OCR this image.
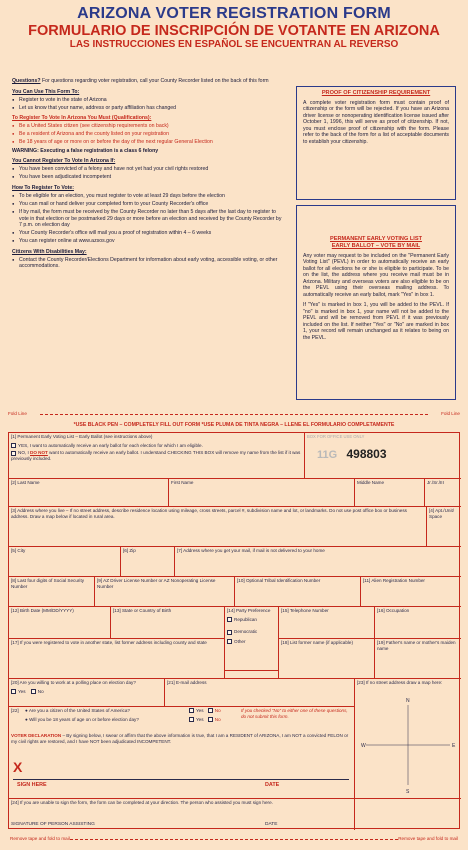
ARIZONA VOTER REGISTRATION FORM
FORMULARIO DE INSCRIPCIÓN DE VOTANTE EN ARIZONA
LAS INSTRUCCIONES EN ESPAÑOL SE ENCUENTRAN AL REVERSO

Questions? For questions regarding voter registration, call your County Recorder listed on the back of this form

You Can Use This Form To:

● Register to vote in the state of Arizona

● Let us know that your name, address or party affiliation has changed

To Register To Vote In Arizona You Must (Qualifications):

● Be a United States citizen (see citizenship requirements on back)

● Be a resident of Arizona and the county listed on your registration

● Be 18 years of age or more on or before the day of the next regular General Election

WARNING: Executing a false registration is a class 6 felony

You Cannot Register To Vote In Arizona If:

● You have been convicted of a felony and have not yet had your civil rights restored

● You have been adjudicated incompetent

How To Register To Vote:

● To be eligible for an election, you must register to vote at least 29 days before the election

● You can mail or hand deliver your completed form to your County Recorder's office

● If by mail, the form must be received by the County Recorder no later than 5 days after the last day to register to vote in that election or be postmarked 29 days or more before an election and received by the County Recorder by 7 p.m. on election day

● Your County Recorder's office will mail you a proof of registration within 4 – 6 weeks

● You can register online at www.azsos.gov

Citizens With Disabilities May:

● Contact the County Recorder/Elections Department for information about early voting, accessible voting, or other accommodations.

PROOF OF CITIZENSHIP REQUIREMENT
A complete voter registration form must contain proof of citizenship or the form will be rejected. If you have an Arizona driver license or nonoperating identification license issued after October 1, 1996, this will serve as proof of citizenship. If not, you must enclose proof of citizenship with the form. Please refer to the back of the form for a list of acceptable documents to establish your citizenship.
PERMANENT EARLY VOTING LIST
EARLY BALLOT – VOTE BY MAIL

Any voter may request to be included on the "Permanent Early Voting List" (PEVL) in order to automatically receive an early ballot for all elections he or she is eligible to participate. To be on the list, the address where you receive mail must be in Arizona. Military and overseas voters are also eligible to be on the PEVL using their overseas mailing address. To automatically receive an early ballot, mark "Yes" in box 1.

If "Yes" is marked in box 1, you will be added to the PEVL. If "no" is marked in box 1, your name will not be added to the PEVL and will be removed from PEVL if it was previously included on the list. If neither "Yes" or "No" are marked in box 1, your record will remain unchanged as it relates to being on the PEVL.

Fold Line	Fold Line
*USE BLACK PEN – COMPLETELY FILL OUT FORM *USE PLUMA DE TINTA NEGRA – LLENE EL FORMULARIO COMPLETAMENTE
[1] Permanent Early Voting List – Early Ballot (see instructions above)
YES, I want to automatically receive an early ballot for each election for which I am eligible.
NO, I DO NOT want to automatically receive an early ballot. I understand CHECKING THIS BOX will remove my name from the list if it was previously included.
BOX FOR OFFICE USE ONLY
11G 498803
[2] Last Name	First Name	Middle Name	Jr./Sr./III
[3] Address where you live – If no street address, describe residence location using mileage, cross streets, parcel #, subdivision name and lot, or landmarks. Do not use post office box or business address. Draw a map below if located in rural area.
[4] Apt./Unit/ Space
[5] City	[6] Zip	[7] Address where you get your mail, if mail is not delivered to your home
[8] Last four digits of Social Security Number
[9] AZ Driver License Number or AZ Nonoperating License Number
[10] Optional Tribal Identification Number	[11] Alien Registration Number
[12] Birth Date (MM/DD/YYYY)	[13] State or Country of Birth	[14] Party Preference
Republican
Democratic
Other
[15] Telephone Number	[16] Occupation
[17] If you were registered to vote in another state, list former address including county and state	[18] List former name (if applicable)	[19] Father's name or mother's maiden name
[20] Are you willing to work at a polling place on election day?
Yes	No
[21] E-mail address	[23] If no street address draw a map here:
N
S
E
W
[22] ● Are you a citizen of the United States of America?
● Will you be 18 years of age on or before election day?
Yes No
Yes No
If you checked "No" to either one of these questions, do not submit this form.
VOTER DECLARATION – By signing below, I swear or affirm that the above information is true, that I am a RESIDENT of ARIZONA, I am NOT a convicted FELON or my civil rights are restored, and I have NOT been adjudicated INCOMPETENT.
X
SIGN HERE	DATE
[24] If you are unable to sign the form, the form can be completed at your direction. The person who assisted you must sign here.
SIGNATURE OF PERSON ASSISTING	DATE
Remove tape and fold to mail	Remove tape and fold to mail
